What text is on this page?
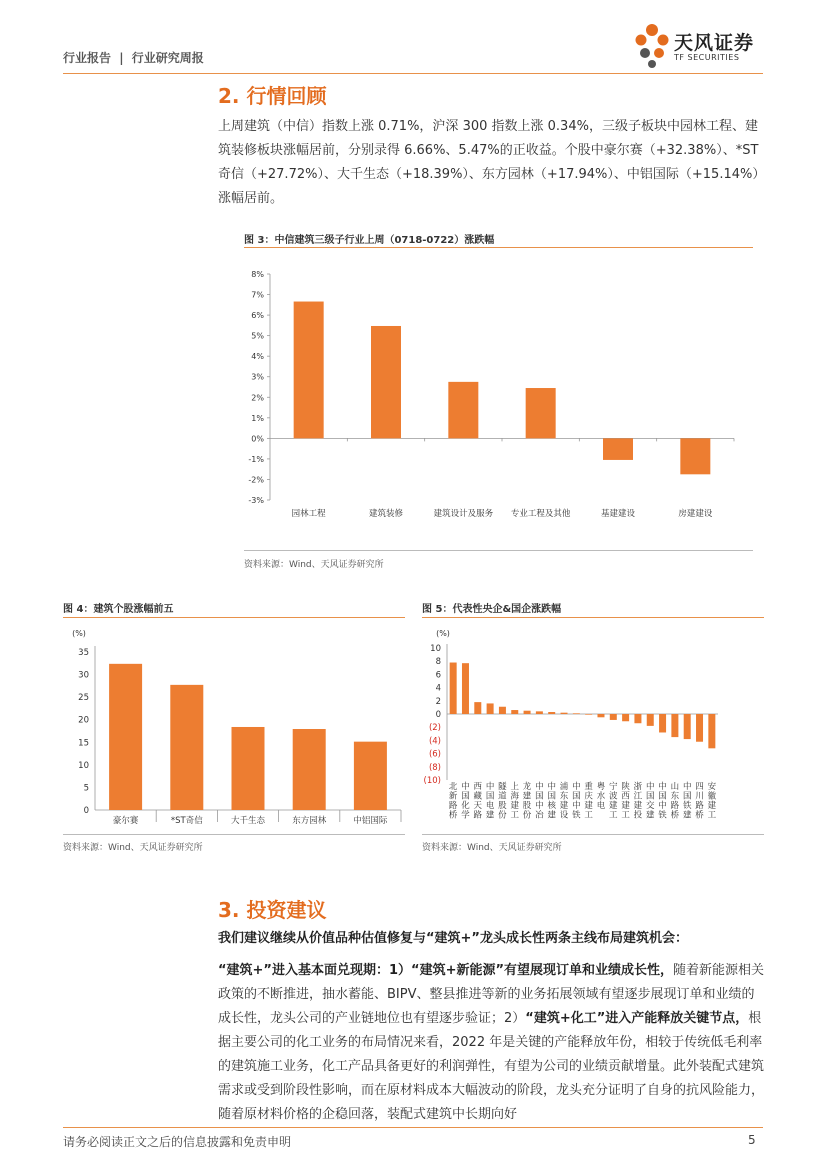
行业报告 | 行业研究周报
天风证券
TF SECURITIES
2. 行情回顾
上周建筑（中信）指数上涨 0.71%，沪深 300 指数上涨 0.34%，三级子板块中园林工程、建筑装修板块涨幅居前，分别录得 6.66%、5.47%的正收益。个股中豪尔赛（+32.38%）、*ST 奇信（+27.72%）、大千生态（+18.39%）、东方园林（+17.94%）、中铝国际（+15.14%）涨幅居前。
图 3：中信建筑三级子行业上周（0718-0722）涨跌幅
8%
7%
6%
5%
4%
3%
2%
1%
0%
-1%
-2%
-3%
园林工程	建筑装修	建筑设计及服务 专业工程及其他	基建建设	房建建设
资料来源：Wind、天风证券研究所
图 4：建筑个股涨幅前五
(%)
35
30
25
20
15
10
5
0
豪尔赛	*ST奇信	大千生态	东方园林	中铝国际
资料来源：Wind、天风证券研究所
图 5：代表性央企&国企涨跌幅
(%)
10
8
6
4
2
0
(2)
(4)
(6)
(8)
(10)
北
新
路
桥
中
国
化
学
西
藏
天
路
中
国
电
建
隧
道
股
份
上
海
建
工
龙
建
股
份
中
国
中
冶
中
国
核
建
浦
东
建
设
中
国
中
铁
重
庆
建
工
粤
水
电
宁
波
建
工
陕
西
建
工
浙
江
建
投
中
国
交
建
中
国
中
铁
山
东
路
桥
中
国
铁
建
四
川
路
桥
安
徽
建
工
资料来源：Wind、天风证券研究所
3. 投资建议
我们建议继续从价值品种估值修复与“建筑+”龙头成长性两条主线布局建筑机会：
“建筑+”进入基本面兑现期：1）“建筑+新能源”有望展现订单和业绩成长性，随着新能源相关政策的不断推进，抽水蓄能、BIPV、整县推进等新的业务拓展领域有望逐步展现订单和业绩的成长性，龙头公司的产业链地位也有望逐步验证；2）“建筑+化工”进入产能释放关键节点，根据主要公司的化工业务的布局情况来看，2022 年是关键的产能释放年份，相较于传统低毛利率的建筑施工业务，化工产品具备更好的利润弹性，有望为公司的业绩贡献增量。此外装配式建筑需求或受到阶段性影响，而在原材料成本大幅波动的阶段，龙头充分证明了自身的抗风险能力，随着原材料价格的企稳回落，装配式建筑中长期向好
请务必阅读正文之后的信息披露和免责申明	5
